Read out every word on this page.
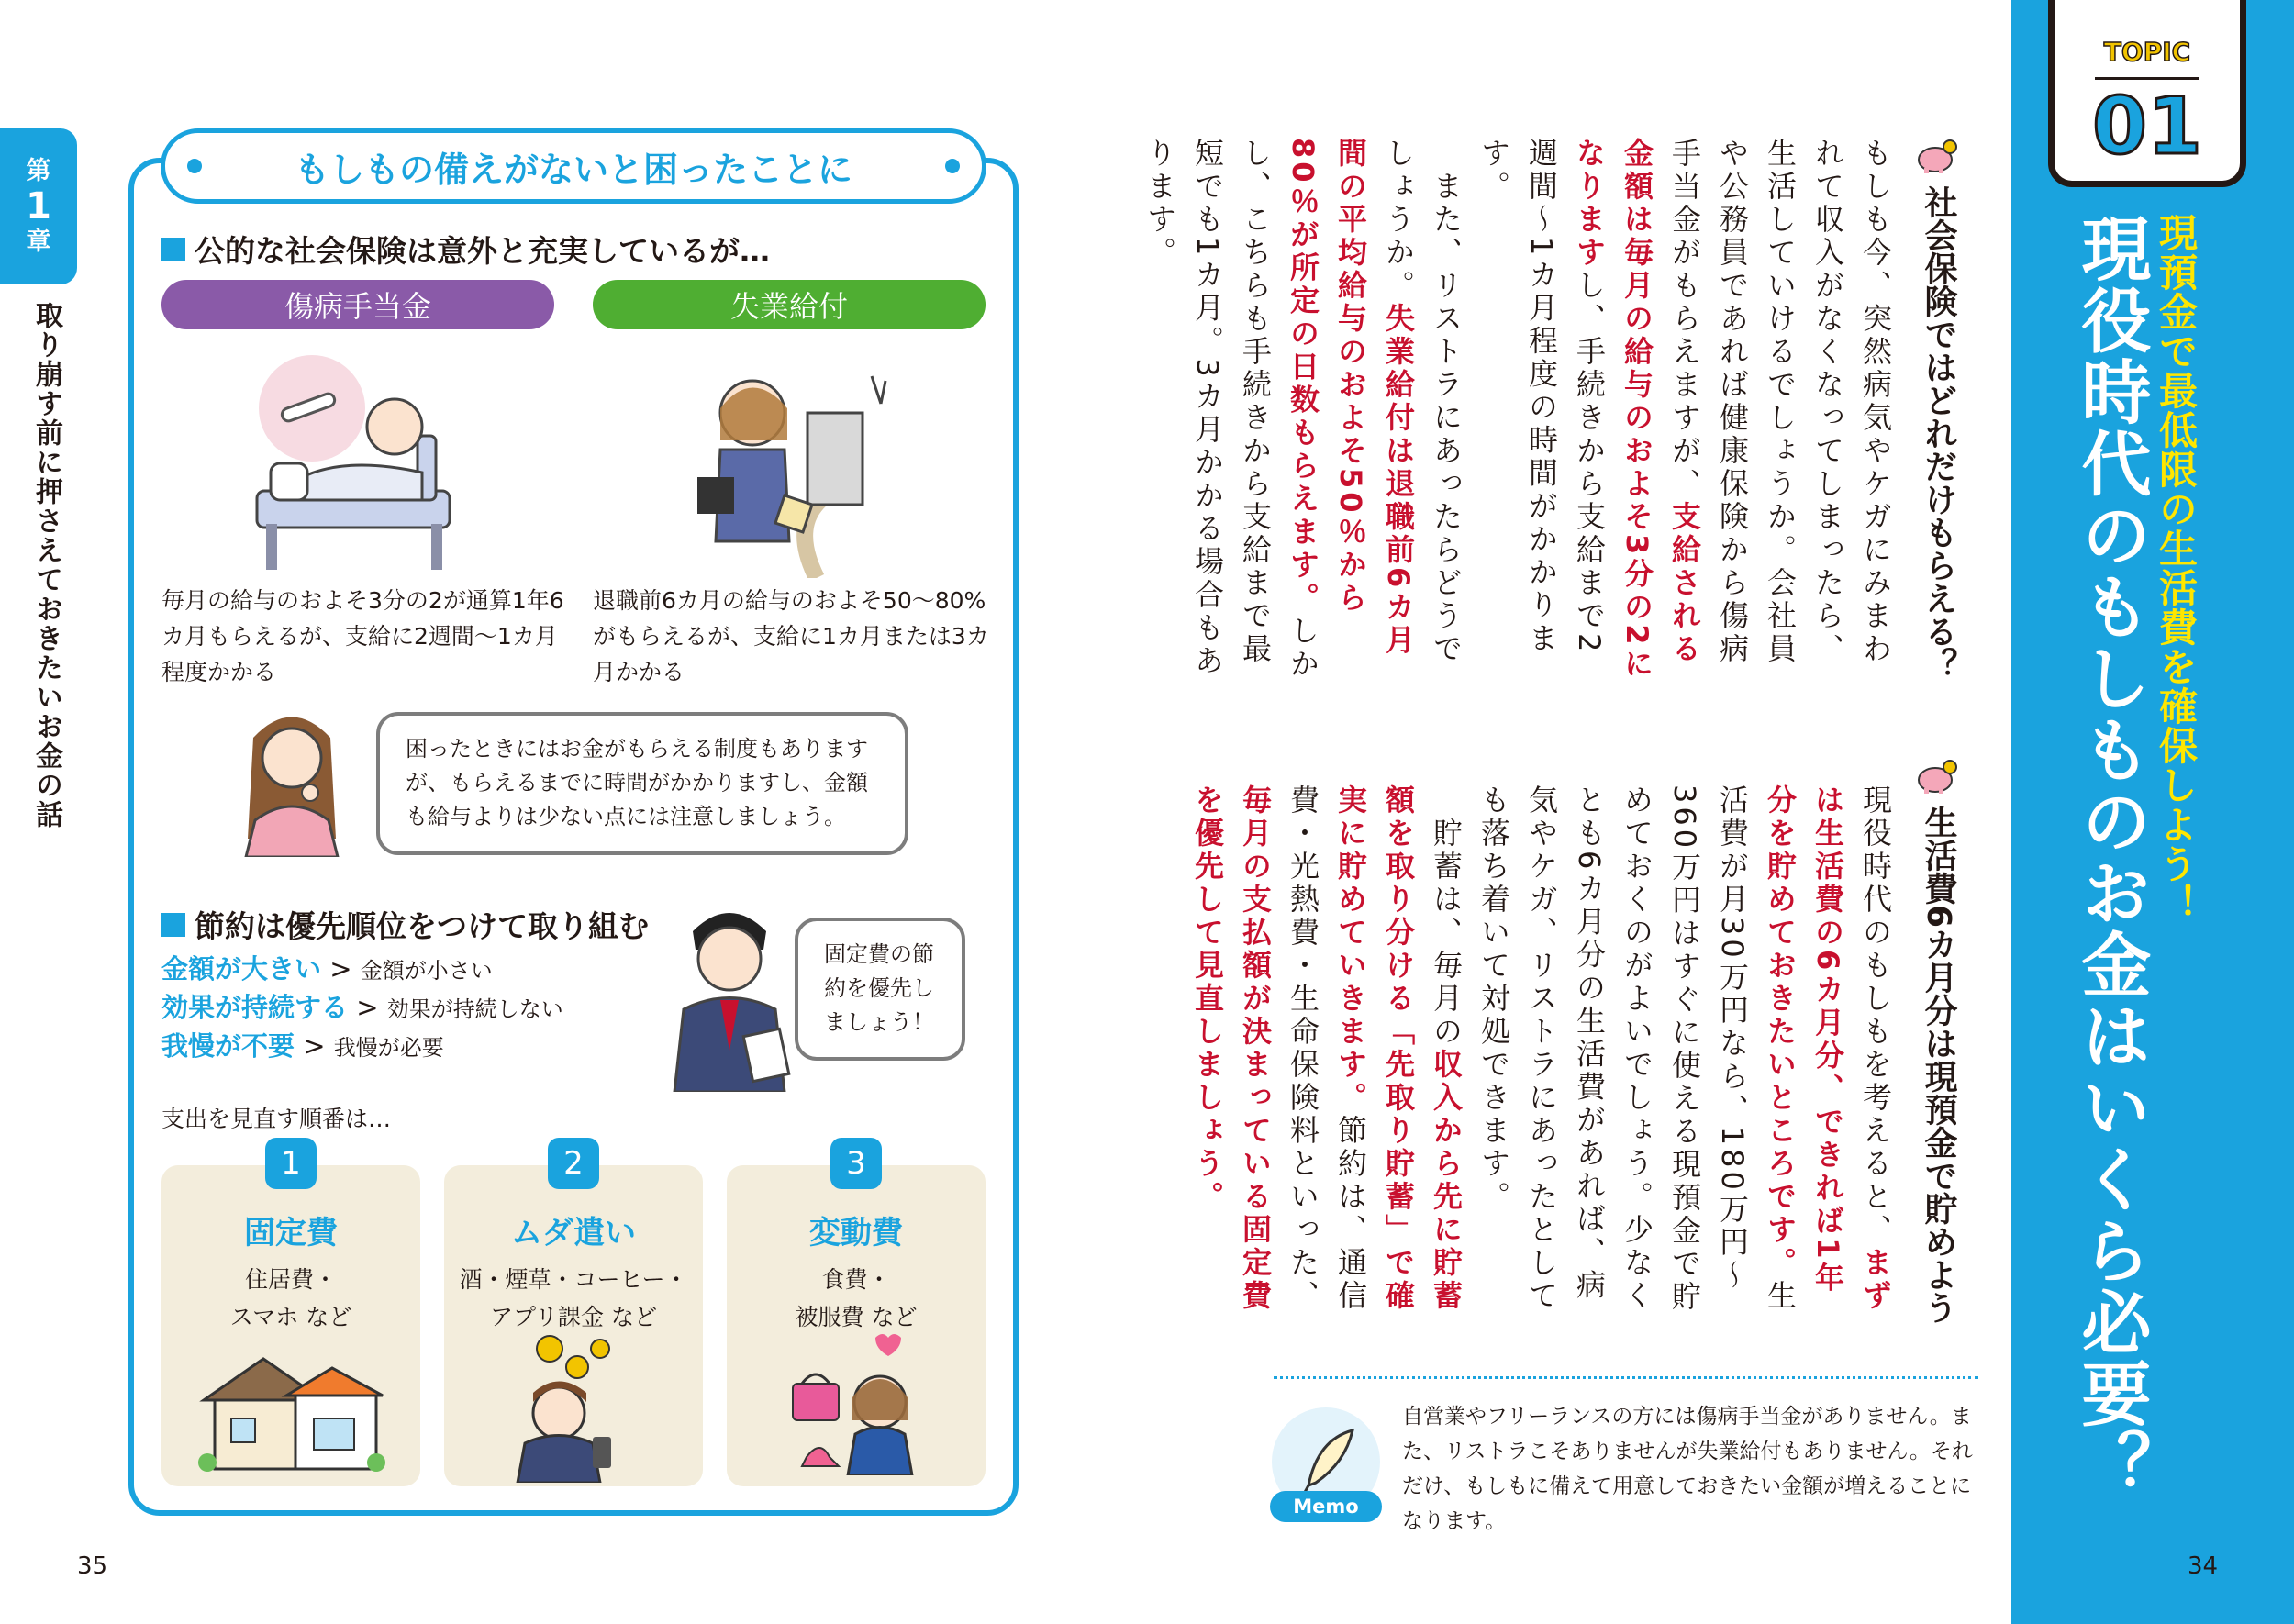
第
1
章
取り崩す前に押さえておきたいお金の話
もしもの備えがないと困ったことに
公的な社会保険は意外と充実しているが…
傷病手当金	失業給付
毎月の給与のおよそ3分の2が通算1年6カ月もらえるが、支給に2週間〜1カ月程度かかる
退職前6カ月の給与のおよそ50〜80%がもらえるが、支給に1カ月または3カ月かかる
困ったときにはお金がもらえる制度もありますが、もらえるまでに時間がかかりますし、金額も給与よりは少ない点には注意しましょう。
節約は優先順位をつけて取り組む
金額が大きい > 金額が小さい
効果が持続する > 効果が持続しない
我慢が不要 > 我慢が必要
固定費の節約を優先しましょう！
支出を見直す順番は…
1
固定費
住居費・
スマホ など
2
ムダ遣い
酒・煙草・コーヒー・
アプリ課金 など
3
変動費
食費・
被服費 など
35
TOPIC
01
現役時代のもしものお金はいくら必要？ 現預金で最低限の生活費を確保しよう！
社会保険ではどれだけもらえる？
もしも今、突然病気やケガにみまわれて収入がなくなってしまったら、生活していけるでしょうか。会社員や公務員であれば健康保険から傷病手当金がもらえますが、支給される金額は毎月の給与のおよそ3分の2になりますし、手続きから支給まで2週間〜1カ月程度の時間がかかります。
　また、リストラにあったらどうでしょうか。失業給付は退職前6カ月間の平均給与のおよそ50％から80％が所定の日数もらえます。しかし、こちらも手続きから支給まで最短でも1カ月。3カ月かかる場合もあります。
生活費6カ月分は現預金で貯めよう
現役時代のもしもを考えると、まずは生活費の6カ月分、できれば1年分を貯めておきたいところです。生活費が月30万円なら、180万円〜360万円はすぐに使える現預金で貯めておくのがよいでしょう。少なくとも6カ月分の生活費があれば、病気やケガ、リストラにあったとしても落ち着いて対処できます。
　貯蓄は、毎月の収入から先に貯蓄額を取り分ける「先取り貯蓄」で確実に貯めていきます。節約は、通信費・光熱費・生命保険料といった、毎月の支払額が決まっている固定費を優先して見直しましょう。
Memo
自営業やフリーランスの方には傷病手当金がありません。また、リストラこそありませんが失業給付もありません。それだけ、もしもに備えて用意しておきたい金額が増えることになります。
34
